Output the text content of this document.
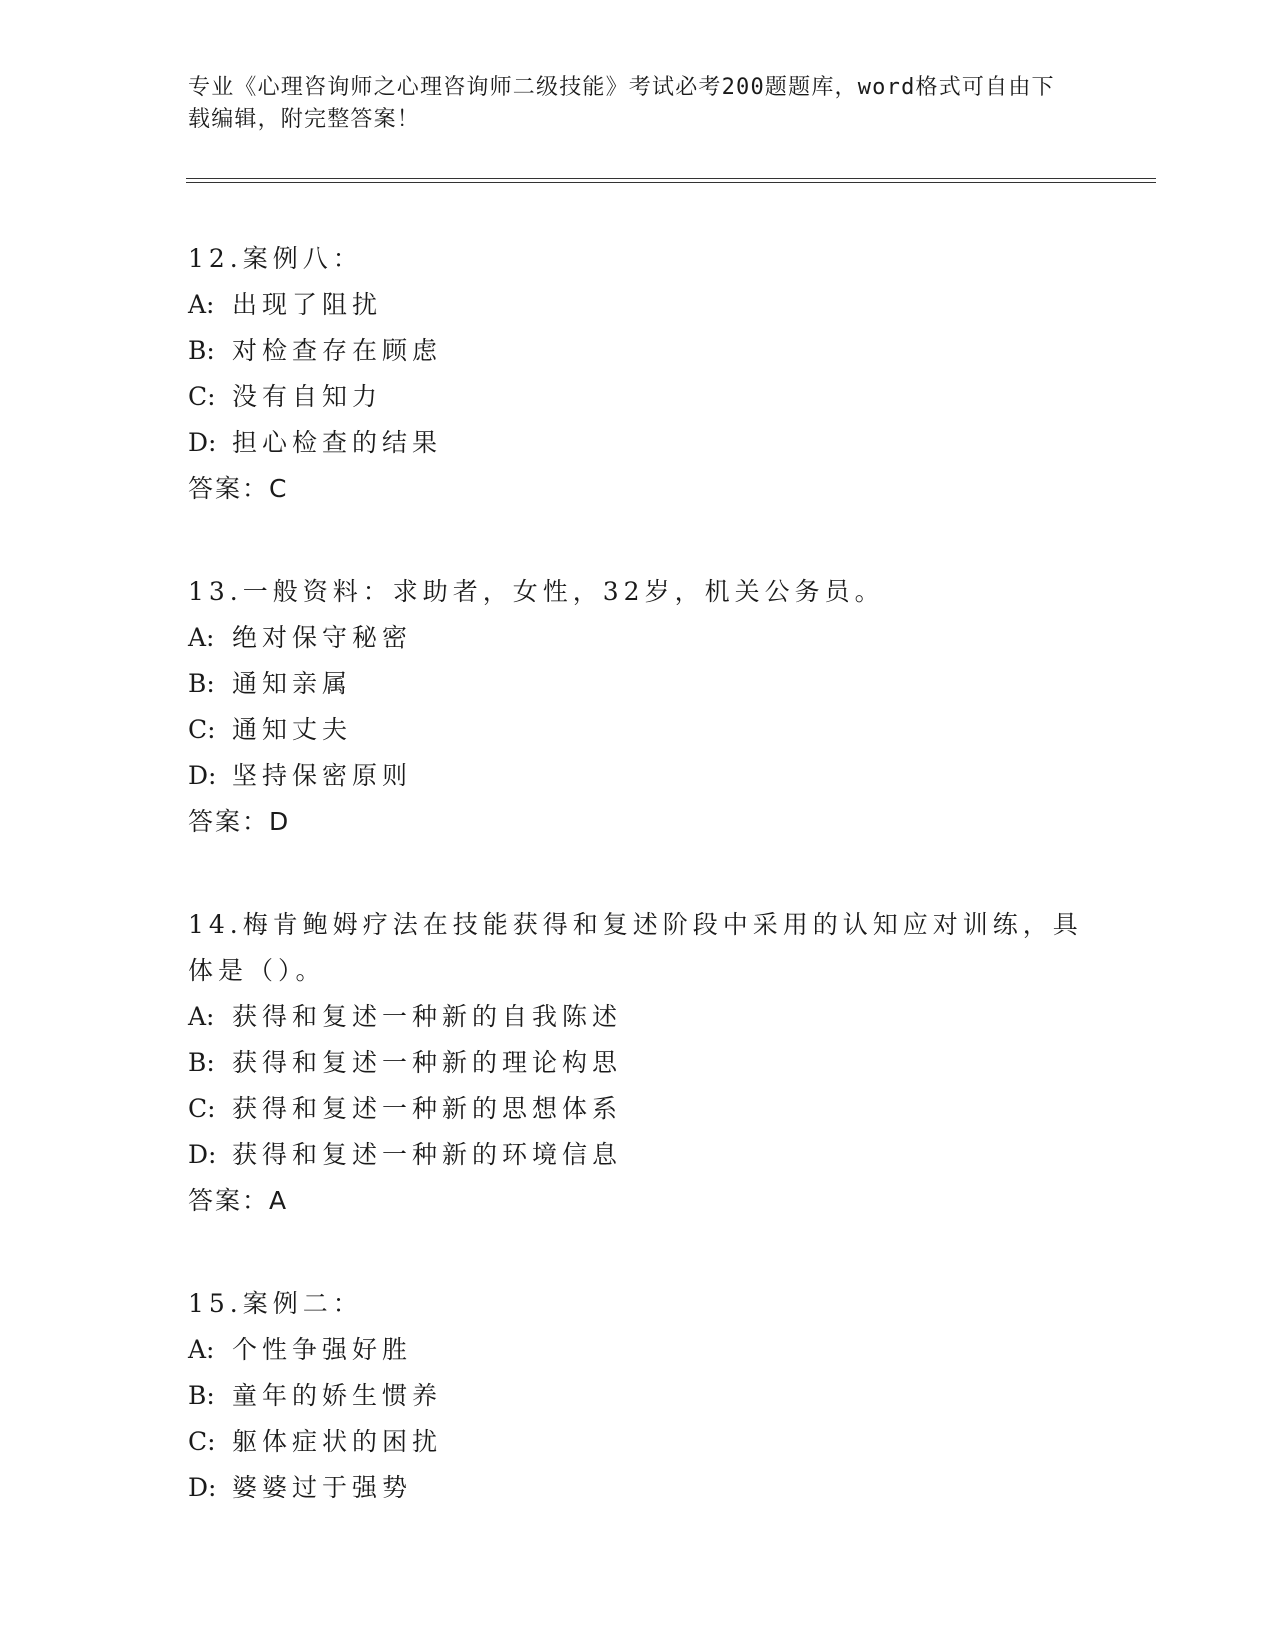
专业《心理咨询师之心理咨询师二级技能》考试必考200题题库，word格式可自由下载编辑，附完整答案！

12.案例八：

A: 出现了阻扰
B: 对检查存在顾虑
C: 没有自知力
D: 担心检查的结果

答案：C

13.一般资料：求助者，女性，32岁，机关公务员。

A: 绝对保守秘密
B: 通知亲属
C: 通知丈夫
D: 坚持保密原则

答案：D

14.梅肯鲍姆疗法在技能获得和复述阶段中采用的认知应对训练，具体是（）。

A: 获得和复述一种新的自我陈述
B: 获得和复述一种新的理论构思
C: 获得和复述一种新的思想体系
D: 获得和复述一种新的环境信息

答案：A

15.案例二：

A: 个性争强好胜
B: 童年的娇生惯养
C: 躯体症状的困扰
D: 婆婆过于强势
